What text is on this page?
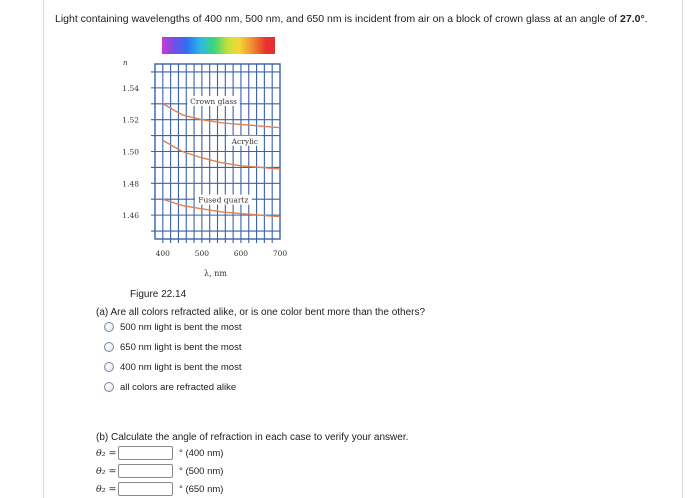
Light containing wavelengths of 400 nm, 500 nm, and 650 nm is incident from air on a block of crown glass at an angle of 27.0°.
1.54
1.52
1.50
1.48
1.46
n
400	500	600	700
λ, nm
Crown glass
Acrylic
Fused quartz
Figure 22.14
(a) Are all colors refracted alike, or is one color bent more than the others?
500 nm light is bent the most
650 nm light is bent the most
400 nm light is bent the most
all colors are refracted alike
(b) Calculate the angle of refraction in each case to verify your answer.
θ₂ =	° (400 nm)
θ₂ =	° (500 nm)
θ₂ =	° (650 nm)
